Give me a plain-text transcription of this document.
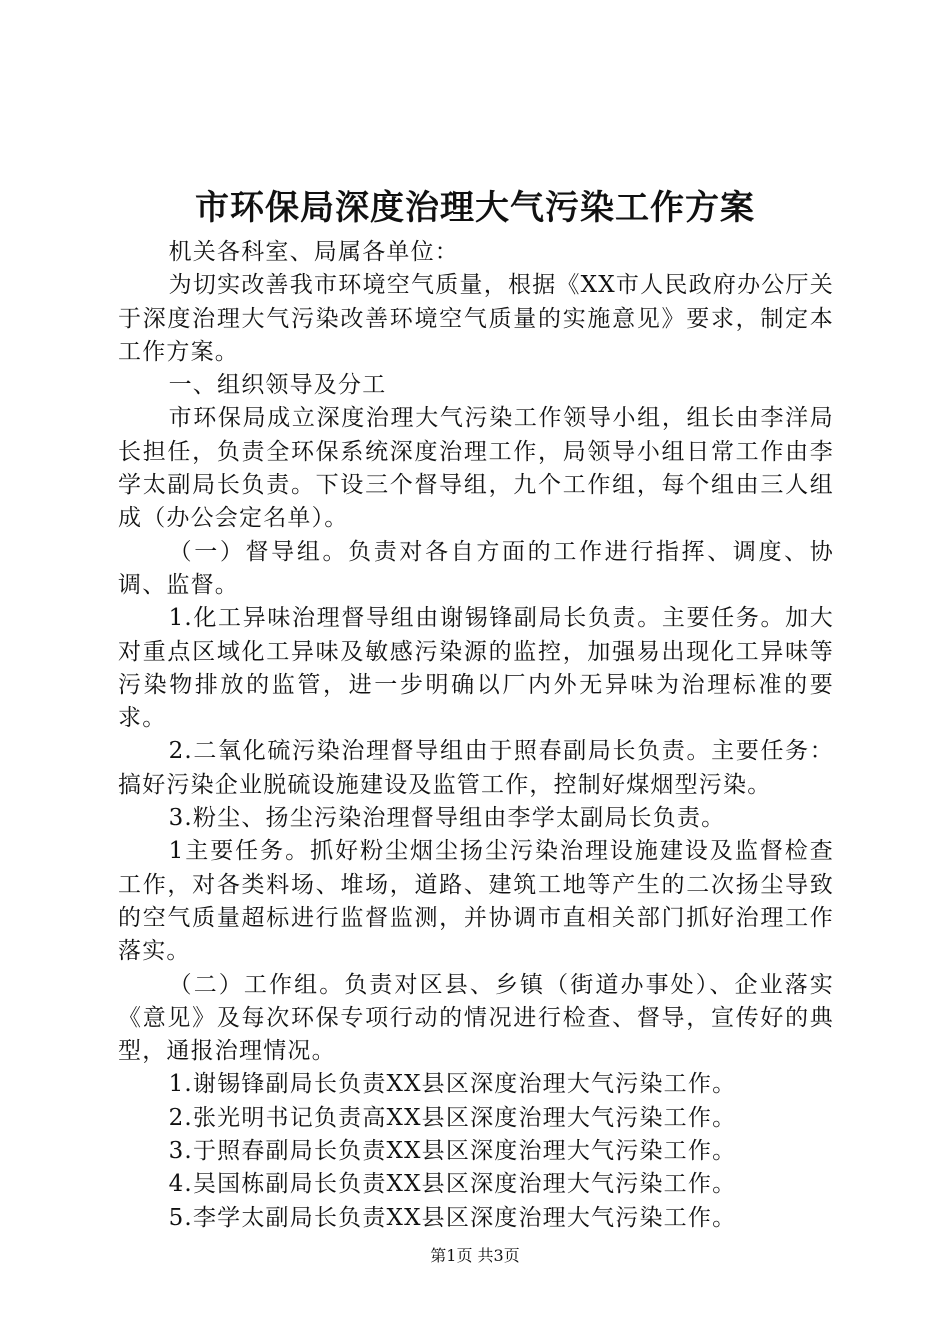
市环保局深度治理大气污染工作方案

机关各科室、局属各单位：

为切实改善我市环境空气质量，根据《XX市人民政府办公厅关于深度治理大气污染改善环境空气质量的实施意见》要求，制定本工作方案。

一、组织领导及分工

市环保局成立深度治理大气污染工作领导小组，组长由李洋局长担任，负责全环保系统深度治理工作，局领导小组日常工作由李学太副局长负责。下设三个督导组，九个工作组，每个组由三人组成（办公会定名单）。

（一）督导组。负责对各自方面的工作进行指挥、调度、协调、监督。

1.化工异味治理督导组由谢锡锋副局长负责。主要任务。加大对重点区域化工异味及敏感污染源的监控，加强易出现化工异味等污染物排放的监管，进一步明确以厂内外无异味为治理标准的要求。

2.二氧化硫污染治理督导组由于照春副局长负责。主要任务：搞好污染企业脱硫设施建设及监管工作，控制好煤烟型污染。

3.粉尘、扬尘污染治理督导组由李学太副局长负责。

1主要任务。抓好粉尘烟尘扬尘污染治理设施建设及监督检查工作，对各类料场、堆场，道路、建筑工地等产生的二次扬尘导致的空气质量超标进行监督监测，并协调市直相关部门抓好治理工作落实。

（二）工作组。负责对区县、乡镇（街道办事处）、企业落实《意见》及每次环保专项行动的情况进行检查、督导，宣传好的典型，通报治理情况。

1.谢锡锋副局长负责XX县区深度治理大气污染工作。

2.张光明书记负责高XX县区深度治理大气污染工作。

3.于照春副局长负责XX县区深度治理大气污染工作。

4.吴国栋副局长负责XX县区深度治理大气污染工作。

5.李学太副局长负责XX县区深度治理大气污染工作。

第1页 共3页
